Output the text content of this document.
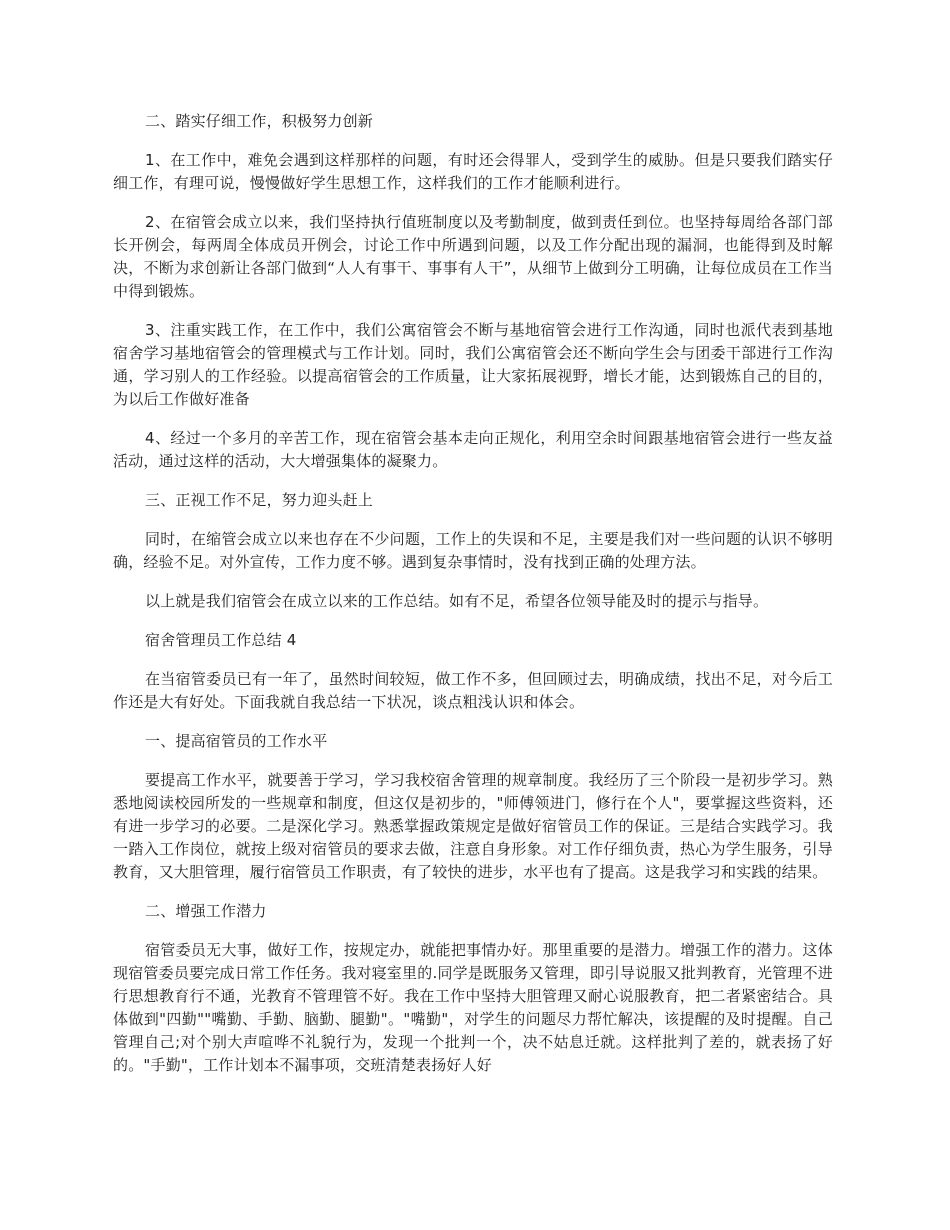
二、踏实仔细工作，积极努力创新

1、在工作中，难免会遇到这样那样的问题，有时还会得罪人，受到学生的威胁。但是只要我们踏实仔细工作，有理可说，慢慢做好学生思想工作，这样我们的工作才能顺利进行。

2、在宿管会成立以来，我们坚持执行值班制度以及考勤制度，做到责任到位。也坚持每周给各部门部长开例会，每两周全体成员开例会，讨论工作中所遇到问题，以及工作分配出现的漏洞，也能得到及时解决，不断为求创新让各部门做到“人人有事干、事事有人干”，从细节上做到分工明确，让每位成员在工作当中得到锻炼。

3、注重实践工作，在工作中，我们公寓宿管会不断与基地宿管会进行工作沟通，同时也派代表到基地宿舍学习基地宿管会的管理模式与工作计划。同时，我们公寓宿管会还不断向学生会与团委干部进行工作沟通，学习别人的工作经验。以提高宿管会的工作质量，让大家拓展视野，增长才能，达到锻炼自己的目的，为以后工作做好准备

4、经过一个多月的辛苦工作，现在宿管会基本走向正规化，利用空余时间跟基地宿管会进行一些友益活动，通过这样的活动，大大增强集体的凝聚力。

三、正视工作不足，努力迎头赶上

同时，在缩管会成立以来也存在不少问题，工作上的失误和不足，主要是我们对一些问题的认识不够明确，经验不足。对外宣传，工作力度不够。遇到复杂事情时，没有找到正确的处理方法。

以上就是我们宿管会在成立以来的工作总结。如有不足，希望各位领导能及时的提示与指导。

宿舍管理员工作总结 4

在当宿管委员已有一年了，虽然时间较短，做工作不多，但回顾过去，明确成绩，找出不足，对今后工作还是大有好处。下面我就自我总结一下状况，谈点粗浅认识和体会。

一、提高宿管员的工作水平

要提高工作水平，就要善于学习，学习我校宿舍管理的规章制度。我经历了三个阶段一是初步学习。熟悉地阅读校园所发的一些规章和制度，但这仅是初步的，"师傅领进门，修行在个人"，要掌握这些资料，还有进一步学习的必要。二是深化学习。熟悉掌握政策规定是做好宿管员工作的保证。三是结合实践学习。我一踏入工作岗位，就按上级对宿管员的要求去做，注意自身形象。对工作仔细负责，热心为学生服务，引导教育，又大胆管理，履行宿管员工作职责，有了较快的进步，水平也有了提高。这是我学习和实践的结果。

二、增强工作潜力

宿管委员无大事，做好工作，按规定办，就能把事情办好。那里重要的是潜力。增强工作的潜力。这体现宿管委员要完成日常工作任务。我对寝室里的.同学是既服务又管理，即引导说服又批判教育，光管理不进行思想教育行不通，光教育不管理管不好。我在工作中坚持大胆管理又耐心说服教育，把二者紧密结合。具体做到"四勤""嘴勤、手勤、脑勤、腿勤"。"嘴勤"，对学生的问题尽力帮忙解决，该提醒的及时提醒。自己管理自己;对个别大声喧哗不礼貌行为，发现一个批判一个，决不姑息迁就。这样批判了差的，就表扬了好的。"手勤"，工作计划本不漏事项，交班清楚表扬好人好
